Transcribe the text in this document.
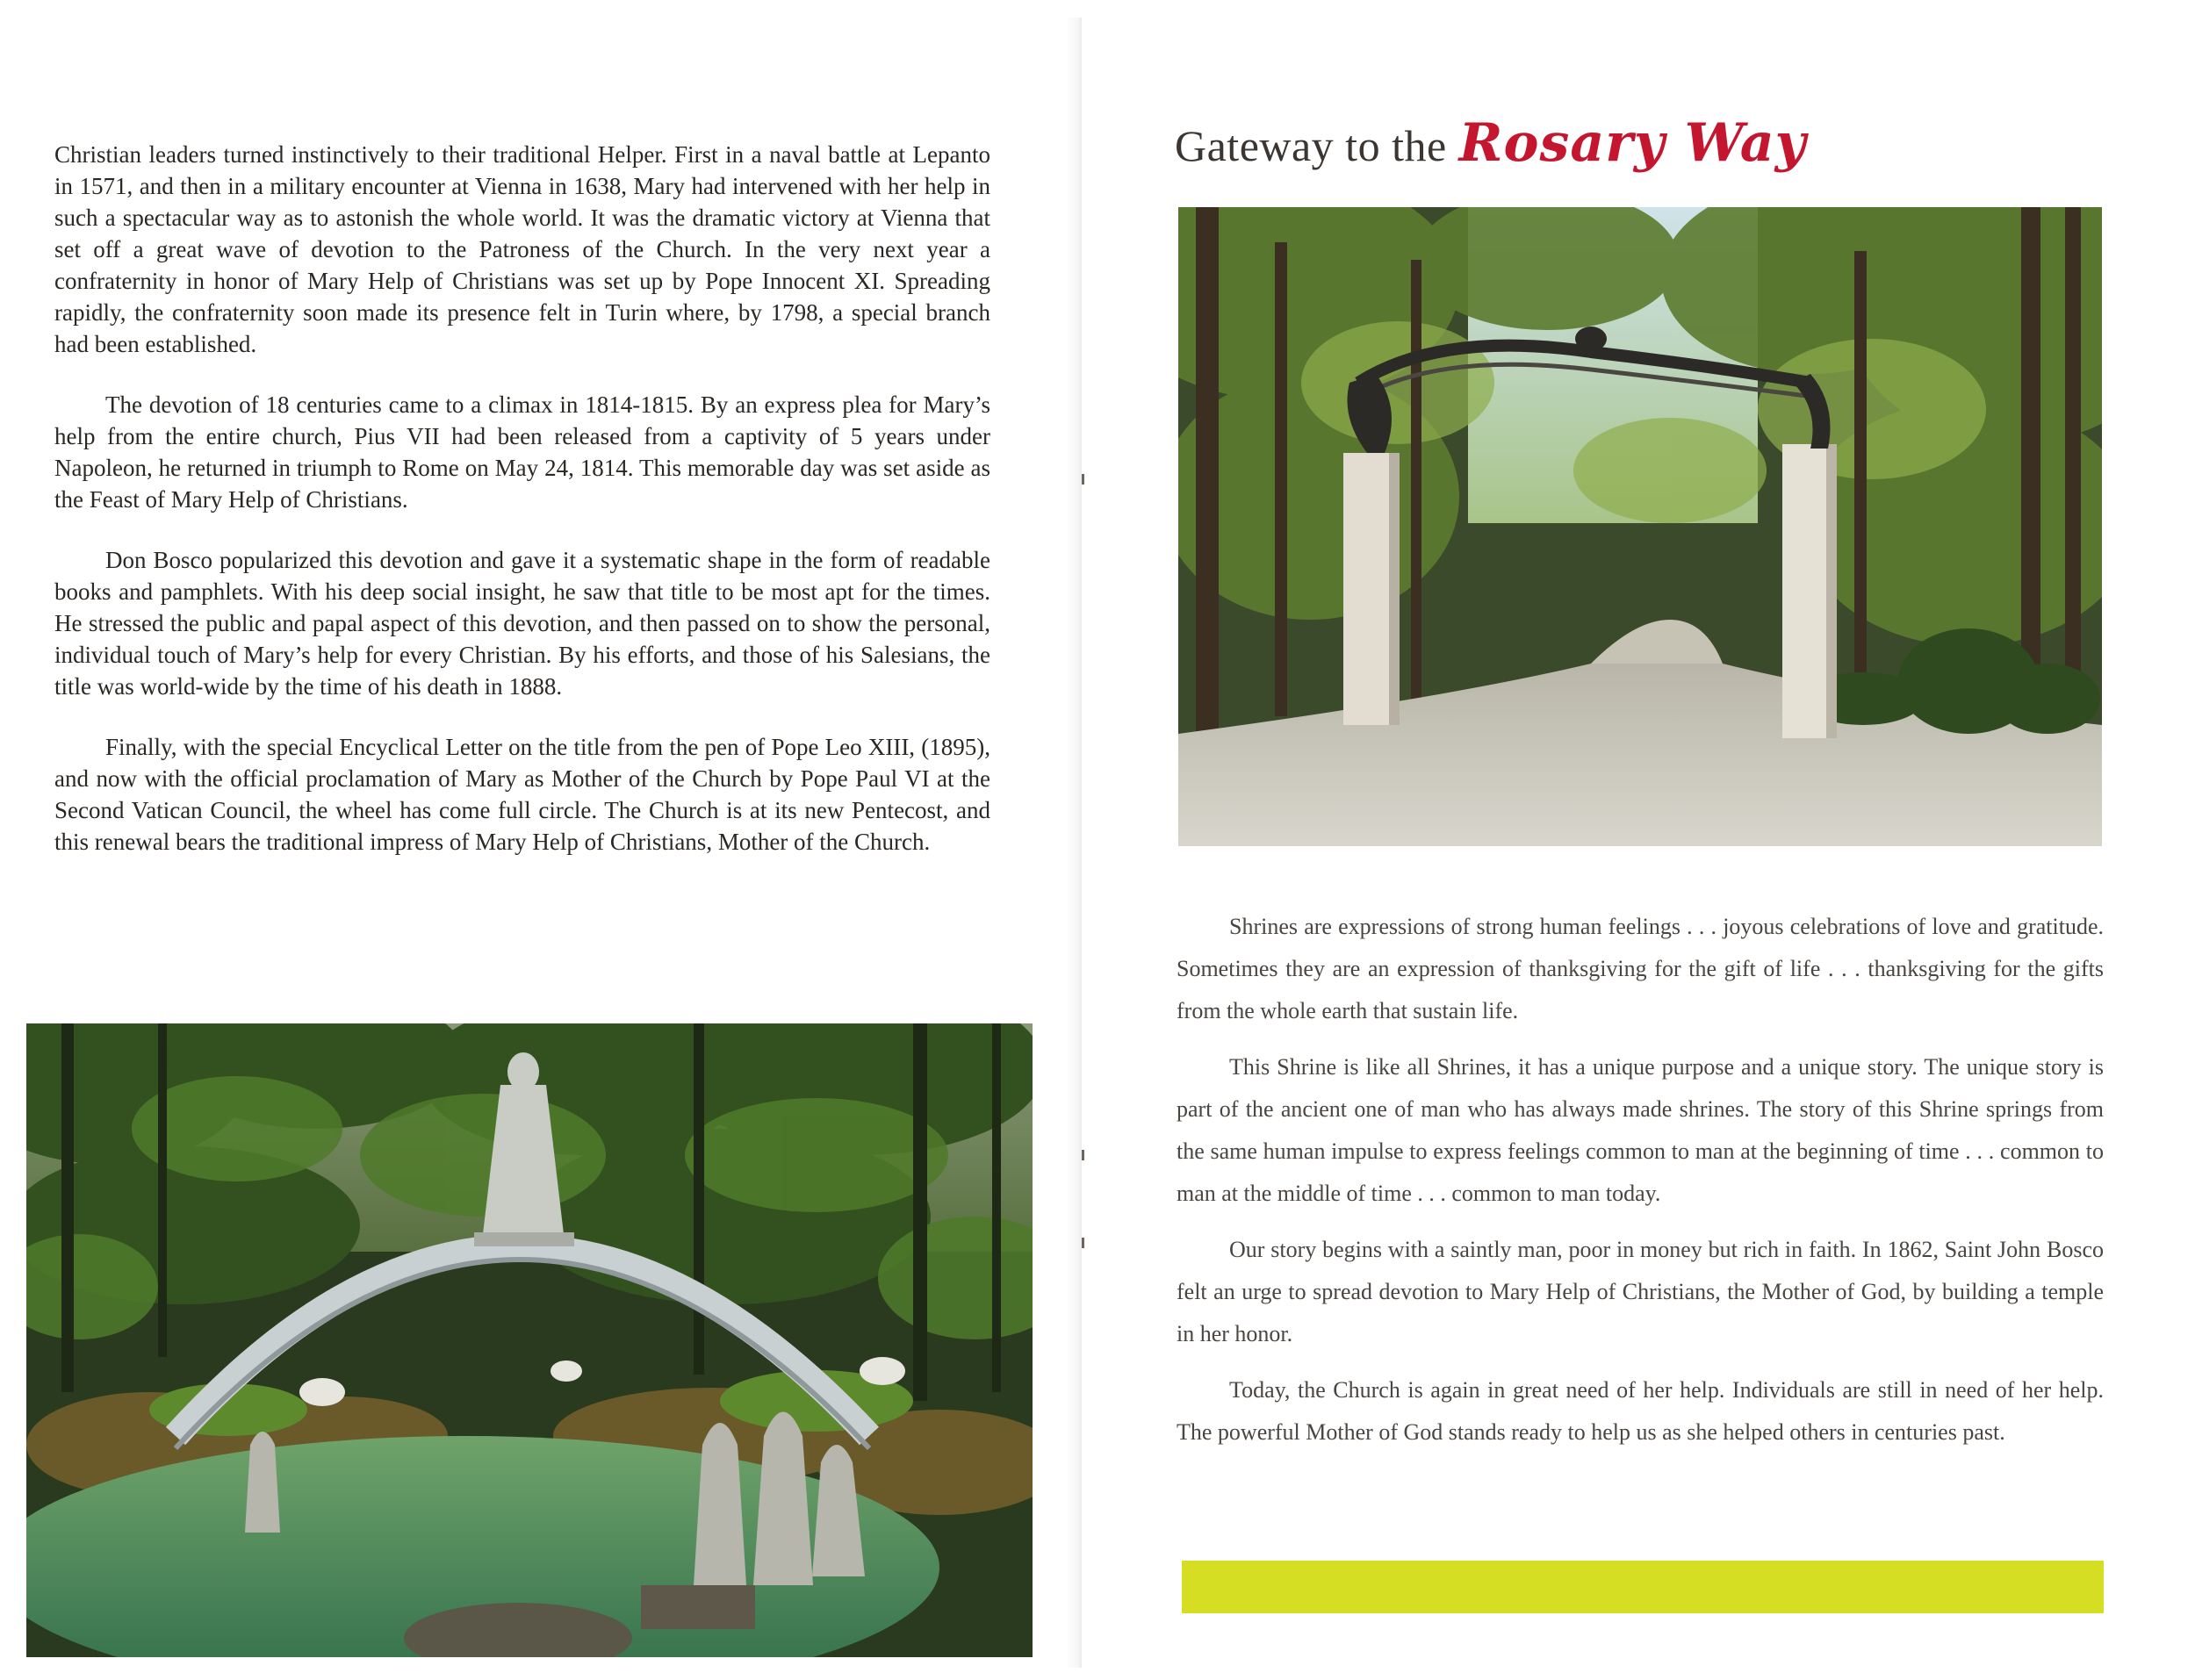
Christian leaders turned instinctively to their traditional Helper. First in a naval battle at Lepanto in 1571, and then in a military encounter at Vienna in 1638, Mary had intervened with her help in such a spectacular way as to astonish the whole world. It was the dramatic victory at Vienna that set off a great wave of devotion to the Patroness of the Church. In the very next year a confraternity in honor of Mary Help of Christians was set up by Pope Innocent XI. Spreading rapidly, the confraternity soon made its presence felt in Turin where, by 1798, a special branch had been established.

The devotion of 18 centuries came to a climax in 1814-1815. By an express plea for Mary’s help from the entire church, Pius VII had been released from a captivity of 5 years under Napoleon, he returned in triumph to Rome on May 24, 1814. This memorable day was set aside as the Feast of Mary Help of Christians.

Don Bosco popularized this devotion and gave it a systematic shape in the form of readable books and pamphlets. With his deep social insight, he saw that title to be most apt for the times. He stressed the public and papal aspect of this devotion, and then passed on to show the personal, individual touch of Mary’s help for every Christian. By his efforts, and those of his Salesians, the title was world-wide by the time of his death in 1888.

Finally, with the special Encyclical Letter on the title from the pen of Pope Leo XIII, (1895), and now with the official proclamation of Mary as Mother of the Church by Pope Paul VI at the Second Vatican Council, the wheel has come full circle. The Church is at its new Pentecost, and this renewal bears the traditional impress of Mary Help of Christians, Mother of the Church.

Gateway to the Rosary Way

Shrines are expressions of strong human feelings . . . joyous celebrations of love and gratitude. Sometimes they are an expression of thanksgiving for the gift of life . . . thanksgiving for the gifts from the whole earth that sustain life.

This Shrine is like all Shrines, it has a unique purpose and a unique story. The unique story is part of the ancient one of man who has always made shrines. The story of this Shrine springs from the same human impulse to express feelings common to man at the beginning of time . . . common to man at the middle of time . . . common to man today.

Our story begins with a saintly man, poor in money but rich in faith. In 1862, Saint John Bosco felt an urge to spread devotion to Mary Help of Christians, the Mother of God, by building a temple in her honor.

Today, the Church is again in great need of her help. Individuals are still in need of her help. The powerful Mother of God stands ready to help us as she helped others in centuries past.
